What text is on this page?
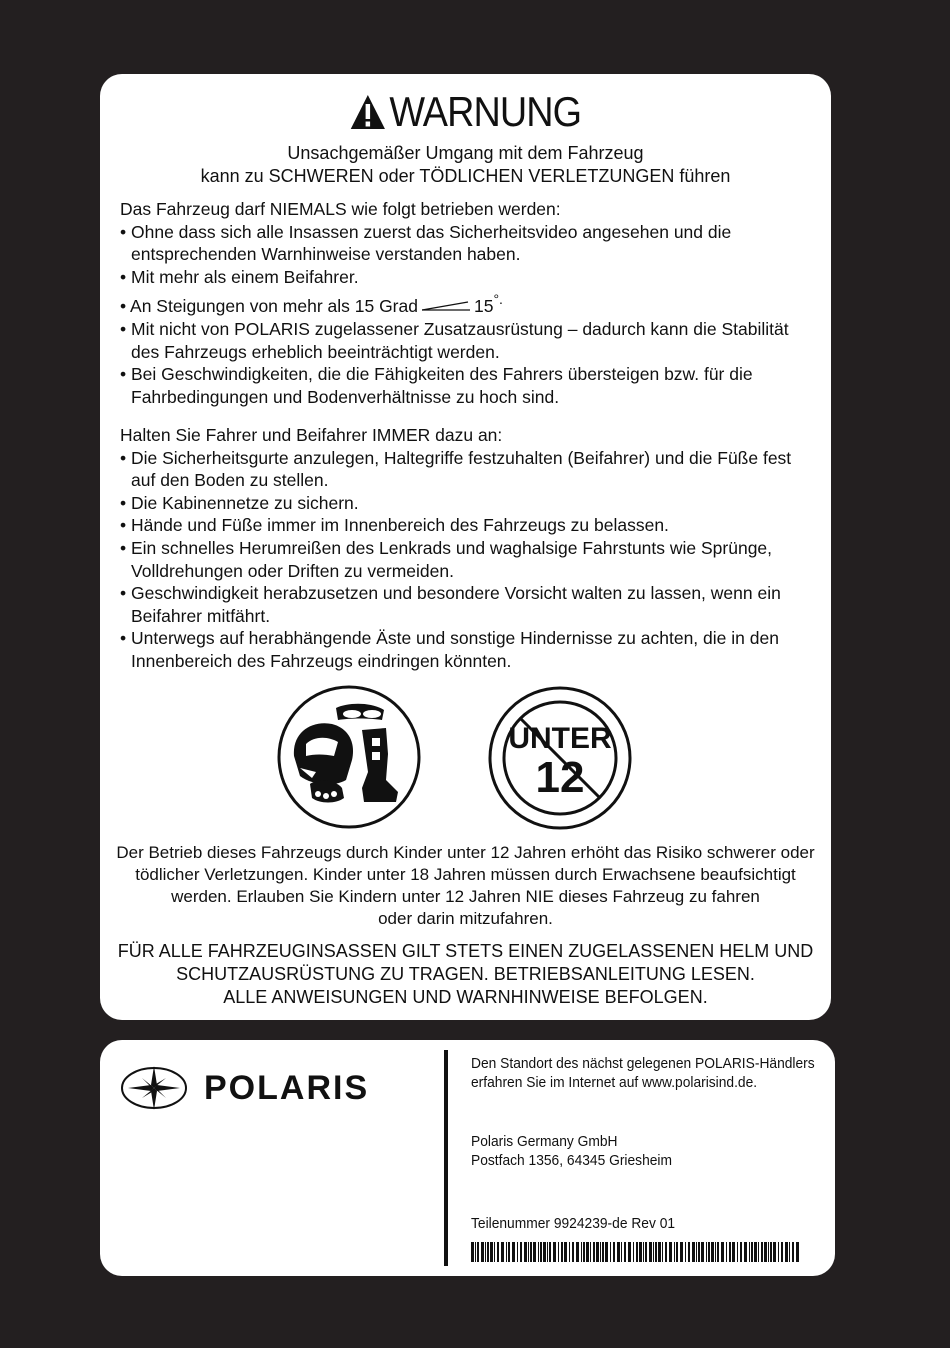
WARNUNG
Unsachgemäßer Umgang mit dem Fahrzeug
kann zu SCHWEREN oder TÖDLICHEN VERLETZUNGEN führen

Das Fahrzeug darf NIEMALS wie folgt betrieben werden:

• Ohne dass sich alle Insassen zuerst das Sicherheitsvideo angesehen und die entsprechenden Warnhinweise verstanden haben.

• Mit mehr als einem Beifahrer.

• An Steigungen von mehr als 15 Grad	15°.

• Mit nicht von POLARIS zugelassener Zusatzausrüstung – dadurch kann die Stabilität des Fahrzeugs erheblich beeinträchtigt werden.

• Bei Geschwindigkeiten, die die Fähigkeiten des Fahrers übersteigen bzw. für die Fahrbedingungen und Bodenverhältnisse zu hoch sind.

Halten Sie Fahrer und Beifahrer IMMER dazu an:

• Die Sicherheitsgurte anzulegen, Haltegriffe festzuhalten (Beifahrer) und die Füße fest auf den Boden zu stellen.

• Die Kabinennetze zu sichern.

• Hände und Füße immer im Innenbereich des Fahrzeugs zu belassen.

• Ein schnelles Herumreißen des Lenkrads und waghalsige Fahrstunts wie Sprünge, Volldrehungen oder Driften zu vermeiden.

• Geschwindigkeit herabzusetzen und besondere Vorsicht walten zu lassen, wenn ein Beifahrer mitfährt.

• Unterwegs auf herabhängende Äste und sonstige Hindernisse zu achten, die in den Innenbereich des Fahrzeugs eindringen könnten.

UNTER
12
Der Betrieb dieses Fahrzeugs durch Kinder unter 12 Jahren erhöht das Risiko schwerer oder
tödlicher Verletzungen. Kinder unter 18 Jahren müssen durch Erwachsene beaufsichtigt
werden. Erlauben Sie Kindern unter 12 Jahren NIE dieses Fahrzeug zu fahren
oder darin mitzufahren.
FÜR ALLE FAHRZEUGINSASSEN GILT STETS EINEN ZUGELASSENEN HELM UND
SCHUTZAUSRÜSTUNG ZU TRAGEN. BETRIEBSANLEITUNG LESEN.
ALLE ANWEISUNGEN UND WARNHINWEISE BEFOLGEN.
POLARIS
Den Standort des nächst gelegenen POLARIS-Händlers
erfahren Sie im Internet auf www.polarisind.de.
Polaris Germany GmbH
Postfach 1356, 64345 Griesheim
Teilenummer 9924239-de Rev 01
